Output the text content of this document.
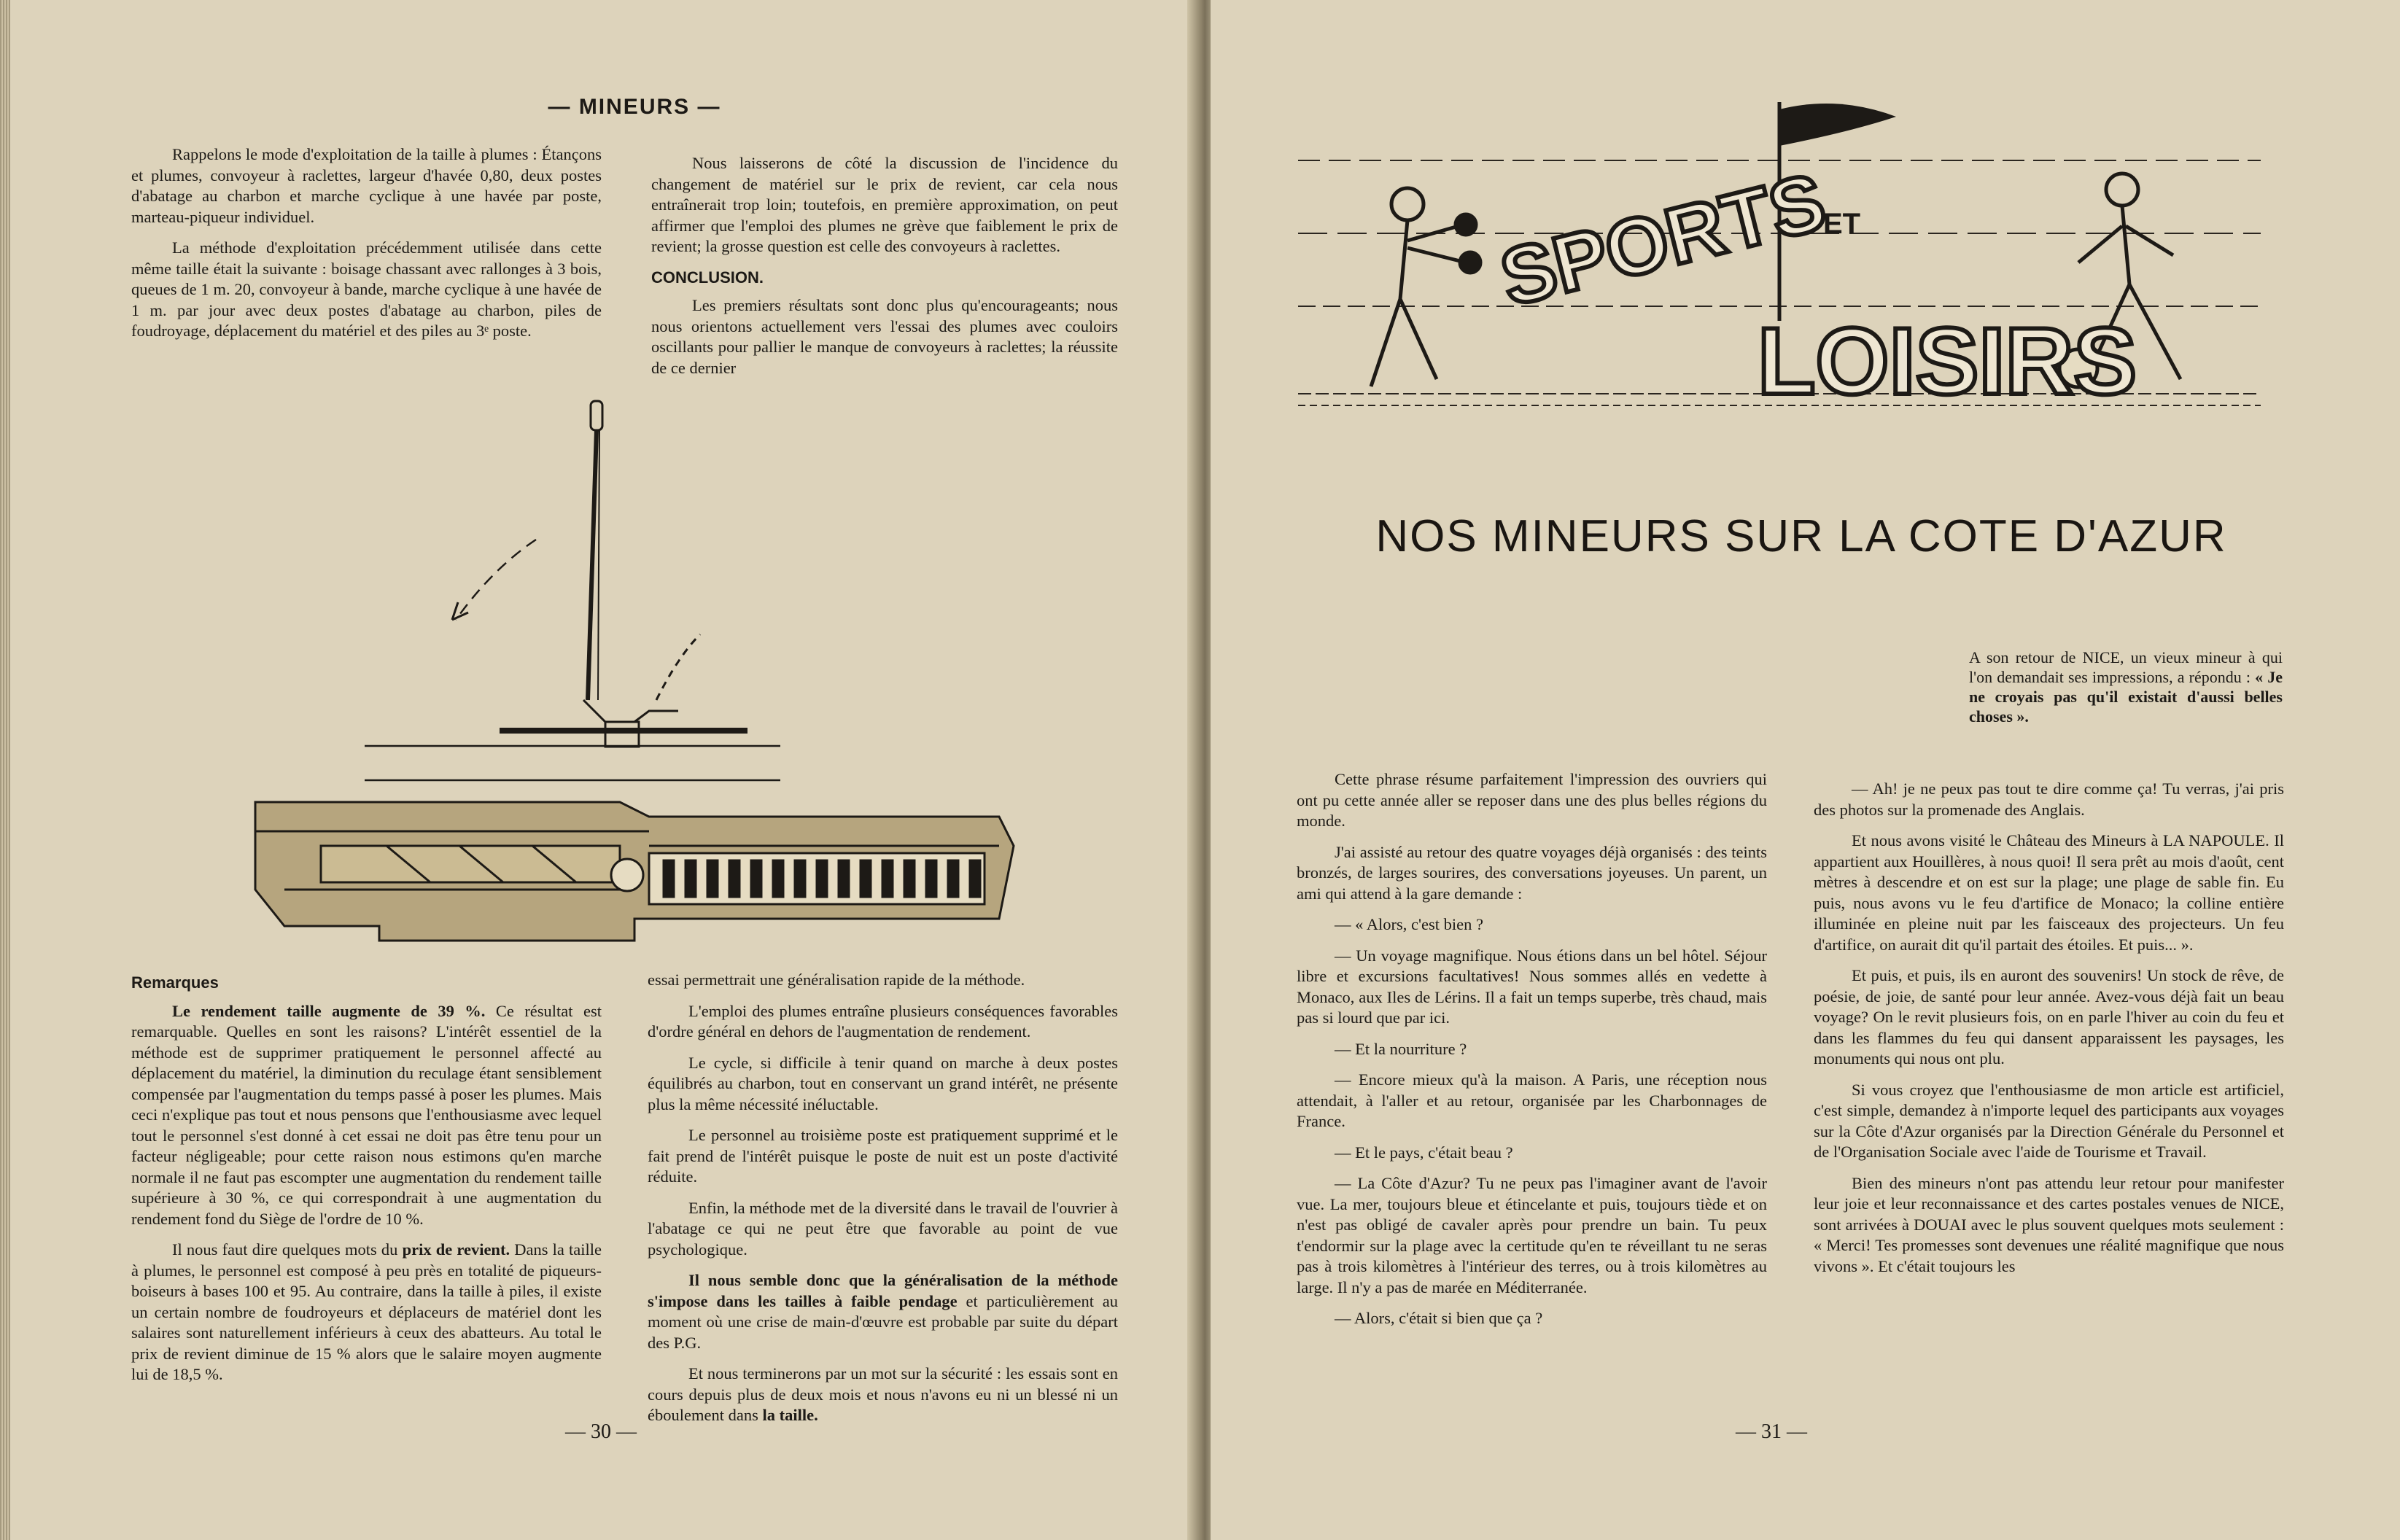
— MINEURS —

Rappelons le mode d'exploitation de la taille à plumes : Étançons et plumes, convoyeur à raclettes, largeur d'havée 0,80, deux postes d'abatage au charbon et marche cyclique à une havée par poste, marteau-piqueur individuel.

La méthode d'exploitation précédemment utilisée dans cette même taille était la suivante : boisage chassant avec rallonges à 3 bois, queues de 1 m. 20, convoyeur à bande, marche cyclique à une havée de 1 m. par jour avec deux postes d'abatage au charbon, piles de foudroyage, déplacement du matériel et des piles au 3ᵉ poste.

Nous laisserons de côté la discussion de l'incidence du changement de matériel sur le prix de revient, car cela nous entraînerait trop loin; toutefois, en première approximation, on peut affirmer que l'emploi des plumes ne grève que faiblement le prix de revient; la grosse question est celle des convoyeurs à raclettes.

CONCLUSION.

Les premiers résultats sont donc plus qu'encourageants; nous nous orientons actuellement vers l'essai des plumes avec couloirs oscillants pour pallier le manque de convoyeurs à raclettes; la réussite de ce dernier

Remarques

Le rendement taille augmente de 39 %. Ce résultat est remarquable. Quelles en sont les raisons? L'intérêt essentiel de la méthode est de supprimer pratiquement le personnel affecté au déplacement du matériel, la diminution du reculage étant sensiblement compensée par l'augmentation du temps passé à poser les plumes. Mais ceci n'explique pas tout et nous pensons que l'enthousiasme avec lequel tout le personnel s'est donné à cet essai ne doit pas être tenu pour un facteur négligeable; pour cette raison nous estimons qu'en marche normale il ne faut pas escompter une augmentation du rendement taille supérieure à 30 %, ce qui correspondrait à une augmentation du rendement fond du Siège de l'ordre de 10 %.

Il nous faut dire quelques mots du prix de revient. Dans la taille à plumes, le personnel est composé à peu près en totalité de piqueurs-boiseurs à bases 100 et 95. Au contraire, dans la taille à piles, il existe un certain nombre de foudroyeurs et déplaceurs de matériel dont les salaires sont naturellement inférieurs à ceux des abatteurs. Au total le prix de revient diminue de 15 % alors que le salaire moyen augmente lui de 18,5 %.

essai permettrait une généralisation rapide de la méthode.

L'emploi des plumes entraîne plusieurs conséquences favorables d'ordre général en dehors de l'augmentation de rendement.

Le cycle, si difficile à tenir quand on marche à deux postes équilibrés au charbon, tout en conservant un grand intérêt, ne présente plus la même nécessité inéluctable.

Le personnel au troisième poste est pratiquement supprimé et le fait prend de l'intérêt puisque le poste de nuit est un poste d'activité réduite.

Enfin, la méthode met de la diversité dans le travail de l'ouvrier à l'abatage ce qui ne peut être que favorable au point de vue psychologique.

Il nous semble donc que la généralisation de la méthode s'impose dans les tailles à faible pendage et particulièrement au moment où une crise de main-d'œuvre est probable par suite du départ des P.G.

Et nous terminerons par un mot sur la sécurité : les essais sont en cours depuis plus de deux mois et nous n'avons eu ni un blessé ni un éboulement dans la taille.

— 30 —	— 31 —
SPORTS
ET
LOISIRS
NOS MINEURS SUR LA COTE D'AZUR
A son retour de NICE, un vieux mineur à qui l'on demandait ses impressions, a répondu : « Je ne croyais pas qu'il existait d'aussi belles choses ».

Cette phrase résume parfaitement l'impression des ouvriers qui ont pu cette année aller se reposer dans une des plus belles régions du monde.

J'ai assisté au retour des quatre voyages déjà organisés : des teints bronzés, de larges sourires, des conversations joyeuses. Un parent, un ami qui attend à la gare demande :

— « Alors, c'est bien ?

— Un voyage magnifique. Nous étions dans un bel hôtel. Séjour libre et excursions facultatives! Nous sommes allés en vedette à Monaco, aux Iles de Lérins. Il a fait un temps superbe, très chaud, mais pas si lourd que par ici.

— Et la nourriture ?

— Encore mieux qu'à la maison. A Paris, une réception nous attendait, à l'aller et au retour, organisée par les Charbonnages de France.

— Et le pays, c'était beau ?

— La Côte d'Azur? Tu ne peux pas l'imaginer avant de l'avoir vue. La mer, toujours bleue et étincelante et puis, toujours tiède et on n'est pas obligé de cavaler après pour prendre un bain. Tu peux t'endormir sur la plage avec la certitude qu'en te réveillant tu ne seras pas à trois kilomètres à l'intérieur des terres, ou à trois kilomètres au large. Il n'y a pas de marée en Méditerranée.

— Alors, c'était si bien que ça ?

— Ah! je ne peux pas tout te dire comme ça! Tu verras, j'ai pris des photos sur la promenade des Anglais.

Et nous avons visité le Château des Mineurs à LA NAPOULE. Il appartient aux Houillères, à nous quoi! Il sera prêt au mois d'août, cent mètres à descendre et on est sur la plage; une plage de sable fin. Eu puis, nous avons vu le feu d'artifice de Monaco; la colline entière illuminée en pleine nuit par les faisceaux des projecteurs. Un feu d'artifice, on aurait dit qu'il partait des étoiles. Et puis... ».

Et puis, et puis, ils en auront des souvenirs! Un stock de rêve, de poésie, de joie, de santé pour leur année. Avez-vous déjà fait un beau voyage? On le revit plusieurs fois, on en parle l'hiver au coin du feu et dans les flammes du feu qui dansent apparaissent les paysages, les monuments qui nous ont plu.

Si vous croyez que l'enthousiasme de mon article est artificiel, c'est simple, demandez à n'importe lequel des participants aux voyages sur la Côte d'Azur organisés par la Direction Générale du Personnel et de l'Organisation Sociale avec l'aide de Tourisme et Travail.

Bien des mineurs n'ont pas attendu leur retour pour manifester leur joie et leur reconnaissance et des cartes postales venues de NICE, sont arrivées à DOUAI avec le plus souvent quelques mots seulement : « Merci! Tes promesses sont devenues une réalité magnifique que nous vivons ». Et c'était toujours les
